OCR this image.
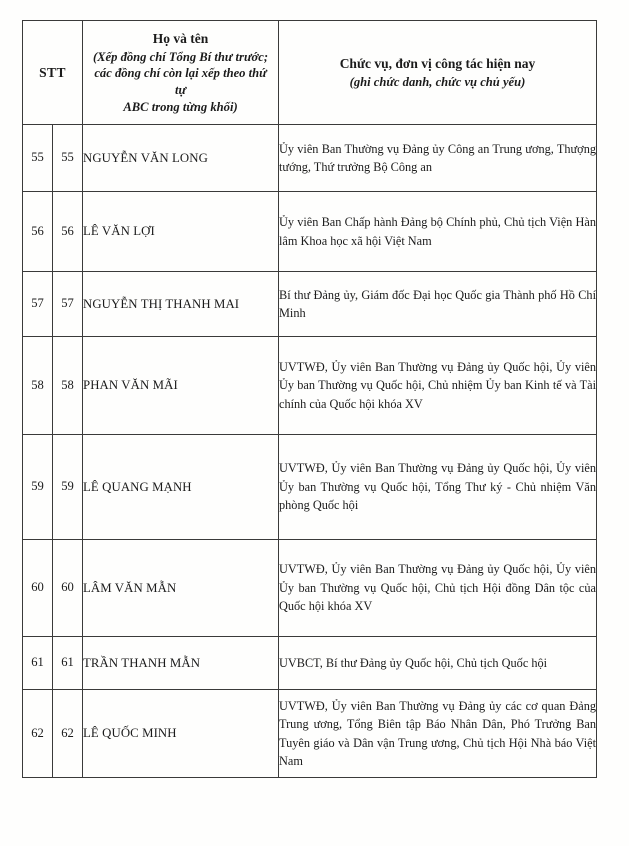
STT		Họ và tên
(Xếp đồng chí Tổng Bí thư trước;
các đồng chí còn lại xếp theo thứ tự
ABC trong từng khối)	Chức vụ, đơn vị công tác hiện nay
(ghi chức danh, chức vụ chủ yếu)

55	55	NGUYỄN VĂN LONG	Ủy viên Ban Thường vụ Đảng ủy Công an Trung ương, Thượng tướng, Thứ trưởng Bộ Công an

56	56	LÊ VĂN LỢI	Ủy viên Ban Chấp hành Đảng bộ Chính phủ, Chủ tịch Viện Hàn lâm Khoa học xã hội Việt Nam

57	57	NGUYỄN THỊ THANH MAI	Bí thư Đảng ủy, Giám đốc Đại học Quốc gia Thành phố Hồ Chí Minh

58	58	PHAN VĂN MÃI	UVTWĐ, Ủy viên Ban Thường vụ Đảng ủy Quốc hội, Ủy viên Ủy ban Thường vụ Quốc hội, Chủ nhiệm Ủy ban Kinh tế và Tài chính của Quốc hội khóa XV

59	59	LÊ QUANG MẠNH	UVTWĐ, Ủy viên Ban Thường vụ Đảng ủy Quốc hội, Ủy viên Ủy ban Thường vụ Quốc hội, Tổng Thư ký - Chủ nhiệm Văn phòng Quốc hội

60	60	LÂM VĂN MẪN	UVTWĐ, Ủy viên Ban Thường vụ Đảng ủy Quốc hội, Ủy viên Ủy ban Thường vụ Quốc hội, Chủ tịch Hội đồng Dân tộc của Quốc hội khóa XV

61	61	TRẦN THANH MẪN	UVBCT, Bí thư Đảng ủy Quốc hội, Chủ tịch Quốc hội

62	62	LÊ QUỐC MINH	UVTWĐ, Ủy viên Ban Thường vụ Đảng ủy các cơ quan Đảng Trung ương, Tổng Biên tập Báo Nhân Dân, Phó Trưởng Ban Tuyên giáo và Dân vận Trung ương, Chủ tịch Hội Nhà báo Việt Nam
